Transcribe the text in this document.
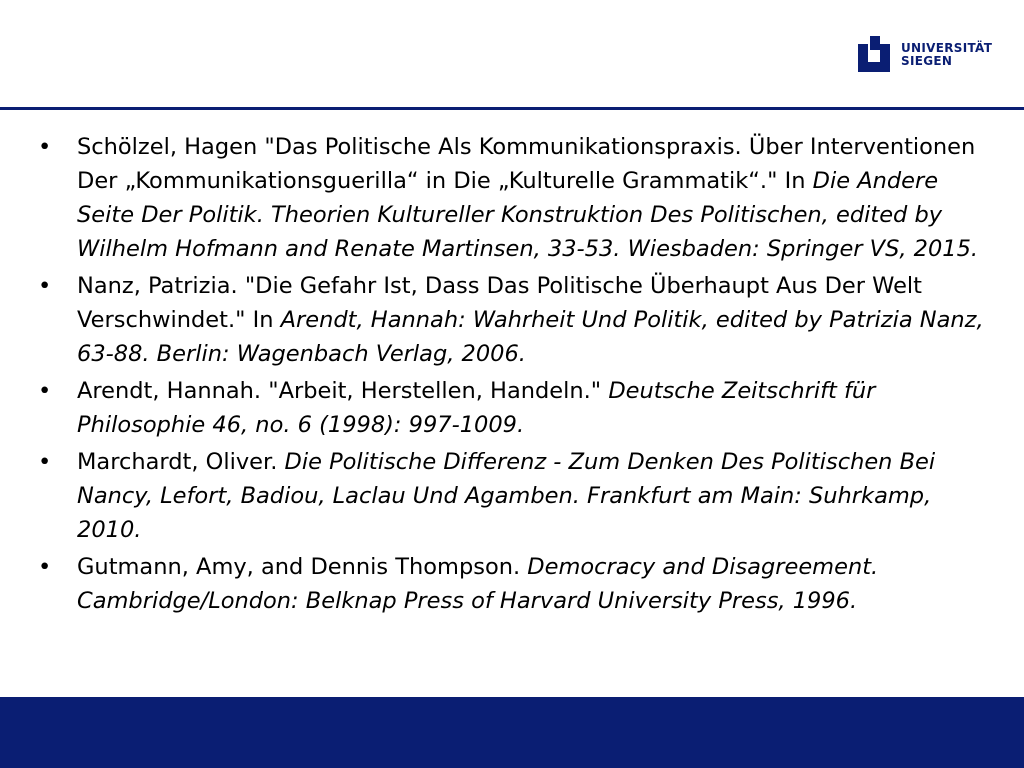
UNIVERSITÄT
SIEGEN
• Schölzel, Hagen "Das Politische Als Kommunikationspraxis. Über Interventionen Der „Kommunikationsguerilla“ in Die „Kulturelle Grammatik“." In Die Andere Seite Der Politik. Theorien Kultureller Konstruktion Des Politischen, edited by Wilhelm Hofmann and Renate Martinsen, 33-53. Wiesbaden: Springer VS, 2015.
• Nanz, Patrizia. "Die Gefahr Ist, Dass Das Politische Überhaupt Aus Der Welt Verschwindet." In Arendt, Hannah: Wahrheit Und Politik, edited by Patrizia Nanz, 63-88. Berlin: Wagenbach Verlag, 2006.
• Arendt, Hannah. "Arbeit, Herstellen, Handeln." Deutsche Zeitschrift für Philosophie 46, no. 6 (1998): 997-1009.
• Marchardt, Oliver. Die Politische Differenz - Zum Denken Des Politischen Bei Nancy, Lefort, Badiou, Laclau Und Agamben. Frankfurt am Main: Suhrkamp, 2010.
• Gutmann, Amy, and Dennis Thompson. Democracy and Disagreement. Cambridge/London: Belknap Press of Harvard University Press, 1996.
